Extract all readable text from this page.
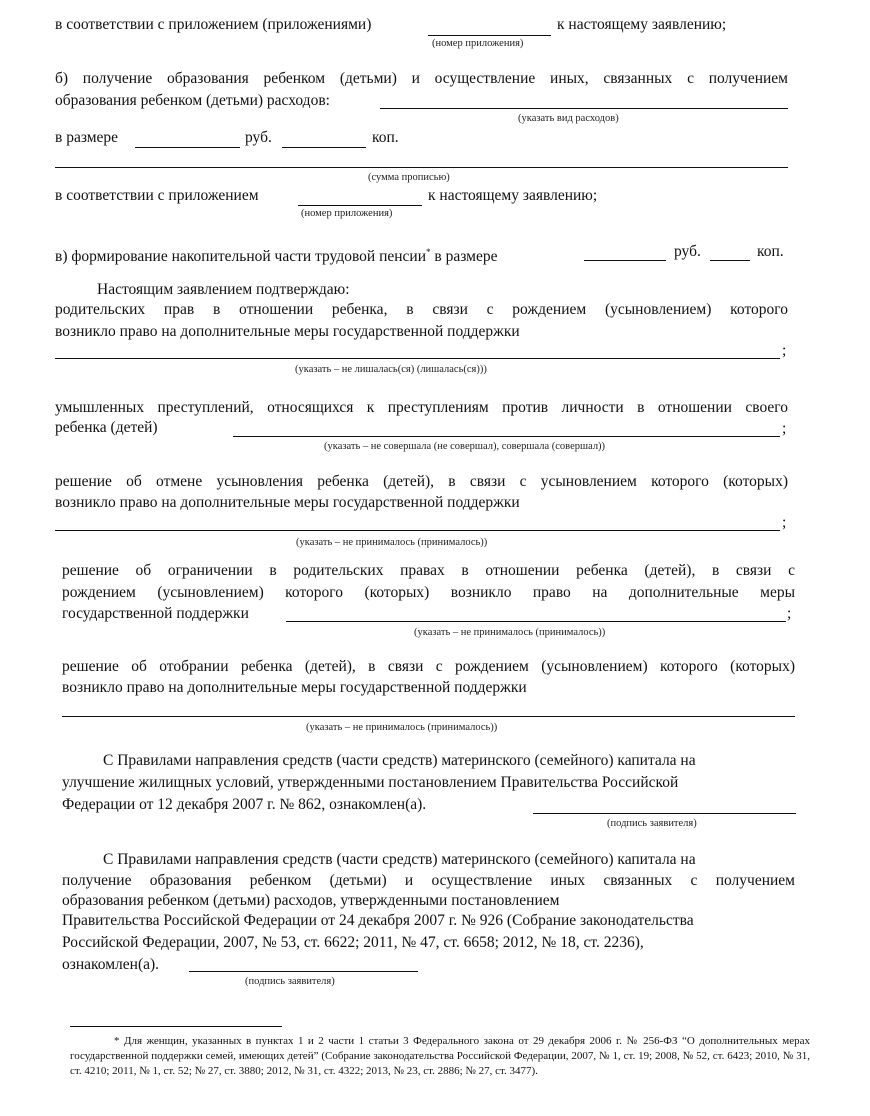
в соответствии с приложением (приложениями)	к настоящему заявлению;
(номер приложения)
б) получение образования ребенком (детьми) и осуществление иных, связанных с получением
образования ребенком (детьми) расходов:
(указать вид расходов)
в размере	руб.	коп.
(сумма прописью)
в соответствии с приложением	к настоящему заявлению;
(номер приложения)
в) формирование накопительной части трудовой пенсии* в размере	руб.	коп.
Настоящим заявлением подтверждаю:
родительских прав в отношении ребенка, в связи с рождением (усыновлением) которого
возникло право на дополнительные меры государственной поддержки
;
(указать – не лишалась(ся) (лишалась(ся)))
умышленных преступлений, относящихся к преступлениям против личности в отношении своего
ребенка (детей)	;
(указать – не совершала (не совершал), совершала (совершал))
решение об отмене усыновления ребенка (детей), в связи с усыновлением которого (которых)
возникло право на дополнительные меры государственной поддержки
;
(указать – не принималось (принималось))
решение об ограничении в родительских правах в отношении ребенка (детей), в связи с
рождением (усыновлением) которого (которых) возникло право на дополнительные меры
государственной поддержки	;
(указать – не принималось (принималось))
решение об отобрании ребенка (детей), в связи с рождением (усыновлением) которого (которых)
возникло право на дополнительные меры государственной поддержки
(указать – не принималось (принималось))
С Правилами направления средств (части средств) материнского (семейного) капитала на
улучшение жилищных условий, утвержденными постановлением Правительства Российской
Федерации от 12 декабря 2007 г. № 862, ознакомлен(а).
(подпись заявителя)
С Правилами направления средств (части средств) материнского (семейного) капитала на
получение образования ребенком (детьми) и осуществление иных связанных с получением
образования ребенком (детьми) расходов, утвержденными постановлением
Правительства Российской Федерации от 24 декабря 2007 г. № 926 (Собрание законодательства
Российской Федерации, 2007, № 53, ст. 6622; 2011, № 47, ст. 6658; 2012, № 18, ст. 2236),
ознакомлен(а).
(подпись заявителя)
* Для женщин, указанных в пунктах 1 и 2 части 1 статьи 3 Федерального закона от 29 декабря 2006 г. № 256-ФЗ “О дополнительных мерах государственной поддержки семей, имеющих детей” (Собрание законодательства Российской Федерации, 2007, № 1, ст. 19; 2008, № 52, ст. 6423; 2010, № 31, ст. 4210; 2011, № 1, ст. 52; № 27, ст. 3880; 2012, № 31, ст. 4322; 2013, № 23, ст. 2886; № 27, ст. 3477).
